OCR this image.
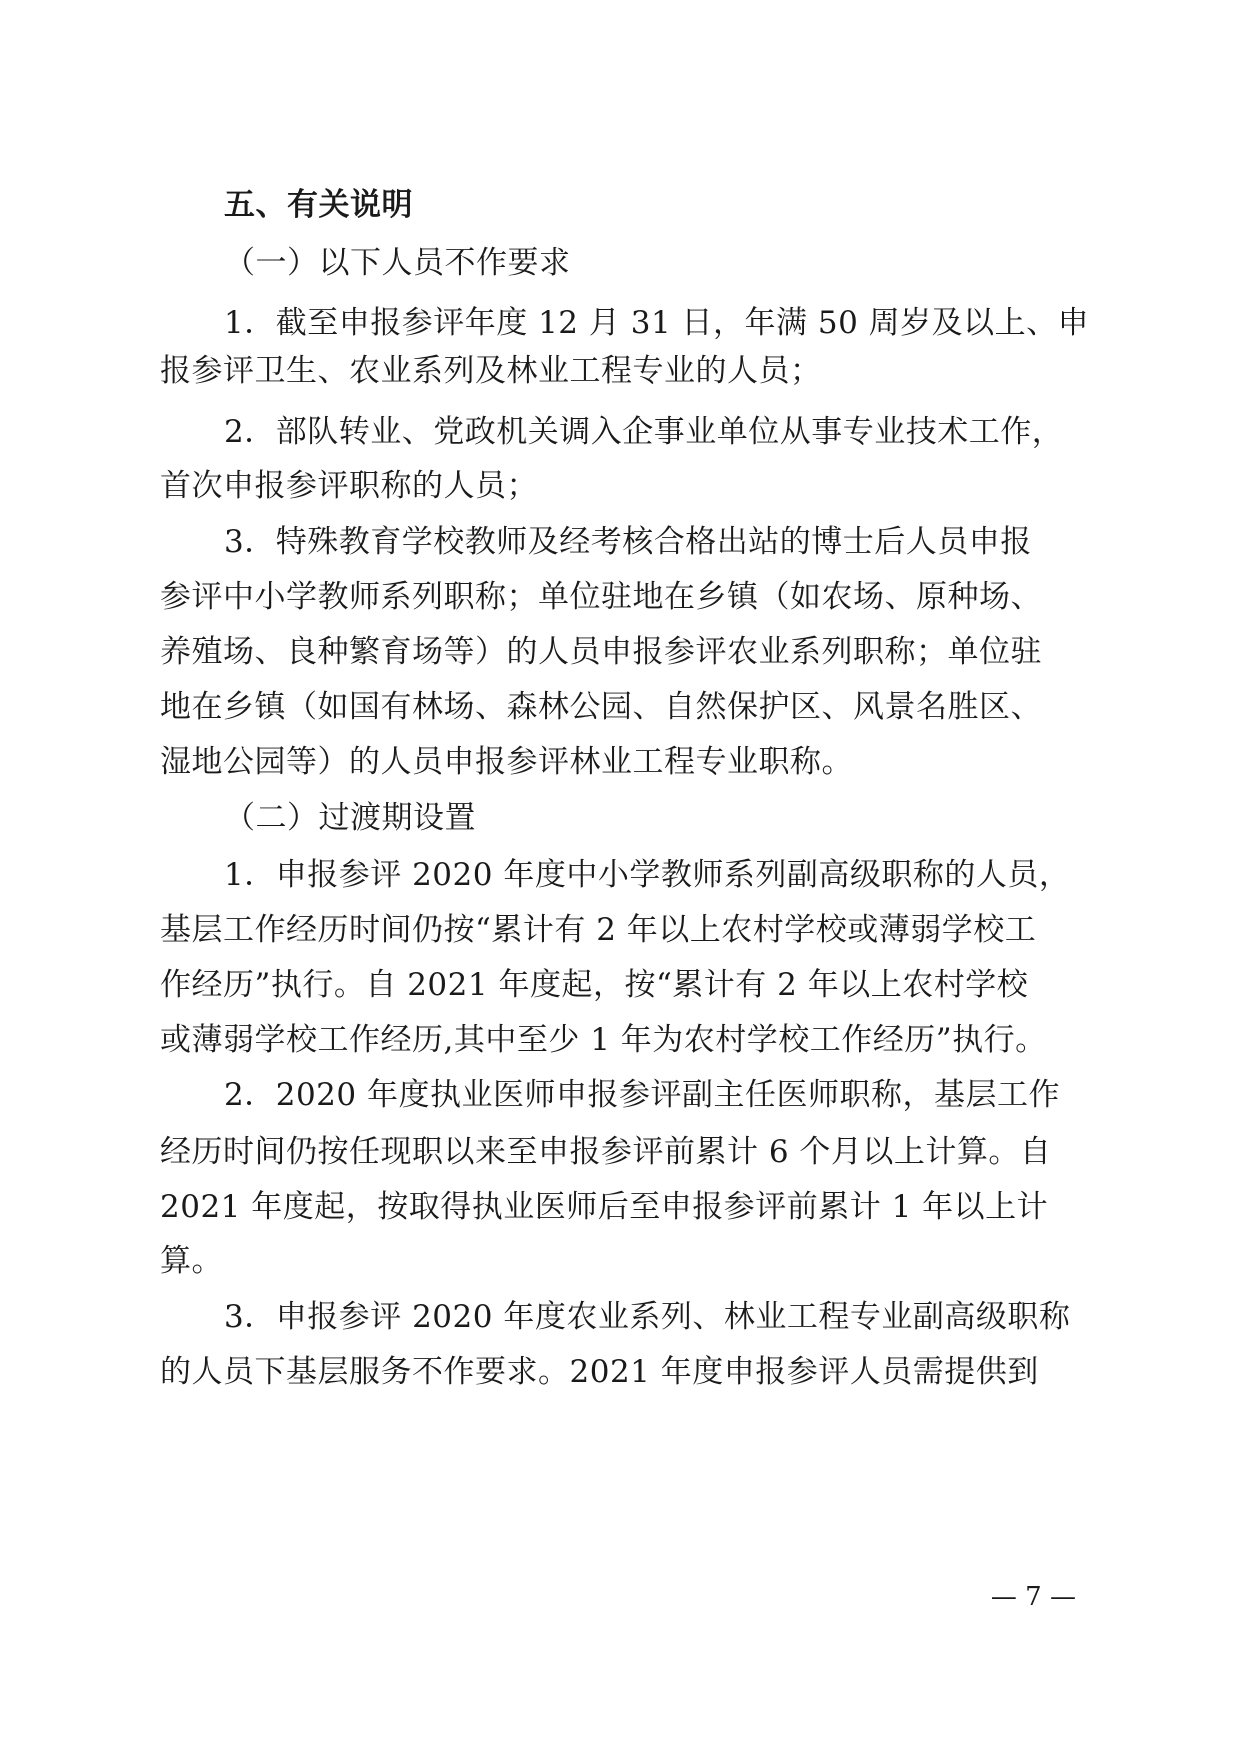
五、有关说明
（一）以下人员不作要求
1．截至申报参评年度 12 月 31 日，年满 50 周岁及以上、申
报参评卫生、农业系列及林业工程专业的人员；
2．部队转业、党政机关调入企事业单位从事专业技术工作，
首次申报参评职称的人员；
3．特殊教育学校教师及经考核合格出站的博士后人员申报
参评中小学教师系列职称；单位驻地在乡镇（如农场、原种场、
养殖场、良种繁育场等）的人员申报参评农业系列职称；单位驻
地在乡镇（如国有林场、森林公园、自然保护区、风景名胜区、
湿地公园等）的人员申报参评林业工程专业职称。
（二）过渡期设置
1．申报参评 2020 年度中小学教师系列副高级职称的人员，
基层工作经历时间仍按“累计有 2 年以上农村学校或薄弱学校工
作经历”执行。自 2021 年度起，按“累计有 2 年以上农村学校
或薄弱学校工作经历,其中至少 1 年为农村学校工作经历”执行。
2．2020 年度执业医师申报参评副主任医师职称，基层工作
经历时间仍按任现职以来至申报参评前累计 6 个月以上计算。自
2021 年度起，按取得执业医师后至申报参评前累计 1 年以上计
算。
3．申报参评 2020 年度农业系列、林业工程专业副高级职称
的人员下基层服务不作要求。2021 年度申报参评人员需提供到
— 7 —
